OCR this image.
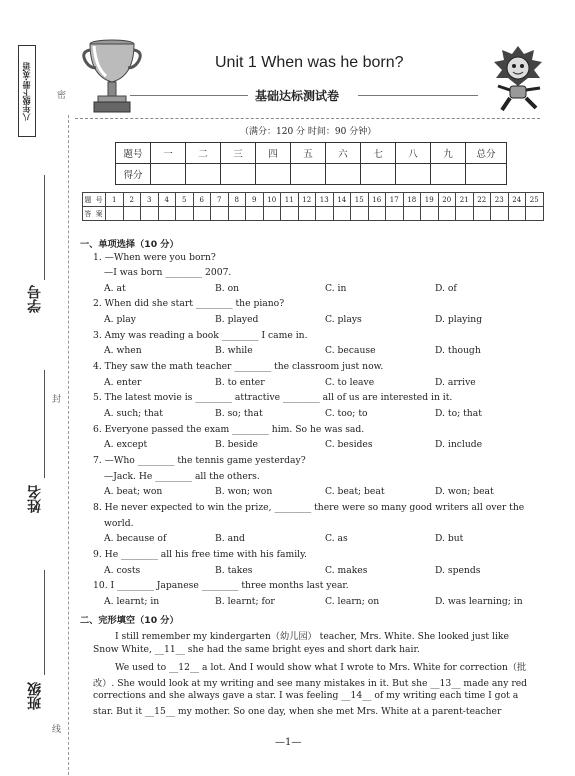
八年级下册·英语	密
封
线
学号
姓名
班级
Unit 1 When was he born?
基础达标测试卷
（满分：120 分 时间：90 分钟）
题号	一	二	三	四	五	六	七	八	九	总分
得分										
题 号	1	2	3	4	5	6	7	8	9	10	11	12	13	14	15	16	17	18	19	20	21	22	23	24	25
答 案																									
一、单项选择（10 分）
1. —When were you born?
—I was born ________ 2007.
A. at	B. on	C. in	D. of
2. When did she start ________ the piano?
A. play	B. played	C. plays	D. playing
3. Amy was reading a book ________ I came in.
A. when	B. while	C. because	D. though
4. They saw the math teacher ________ the classroom just now.
A. enter	B. to enter	C. to leave	D. arrive
5. The latest movie is ________ attractive ________ all of us are interested in it.
A. such; that	B. so; that	C. too; to	D. to; that
6. Everyone passed the exam ________ him. So he was sad.
A. except	B. beside	C. besides	D. include
7. —Who ________ the tennis game yesterday?
—Jack. He ________ all the others.
A. beat; won	B. won; won	C. beat; beat	D. won; beat
8. He never expected to win the prize, ________ there were so many good writers all over the
world.
A. because of	B. and	C. as	D. but
9. He ________ all his free time with his family.
A. costs	B. takes	C. makes	D. spends
10. I ________ Japanese ________ three months last year.
A. learnt; in	B. learnt; for	C. learn; on	D. was learning; in
二、完形填空（10 分）
I still remember my kindergarten（幼儿园） teacher, Mrs. White. She looked just like
Snow White, __11__ she had the same bright eyes and short dark hair.
We used to __12__ a lot. And I would show what I wrote to Mrs. White for correction（批
改）. She would look at my writing and see many mistakes in it. But she __13__ made any red
corrections and she always gave a star. I was feeling __14__ of my writing each time I got a
star. But it __15__ my mother. So one day, when she met Mrs. White at a parent-teacher
—1—
